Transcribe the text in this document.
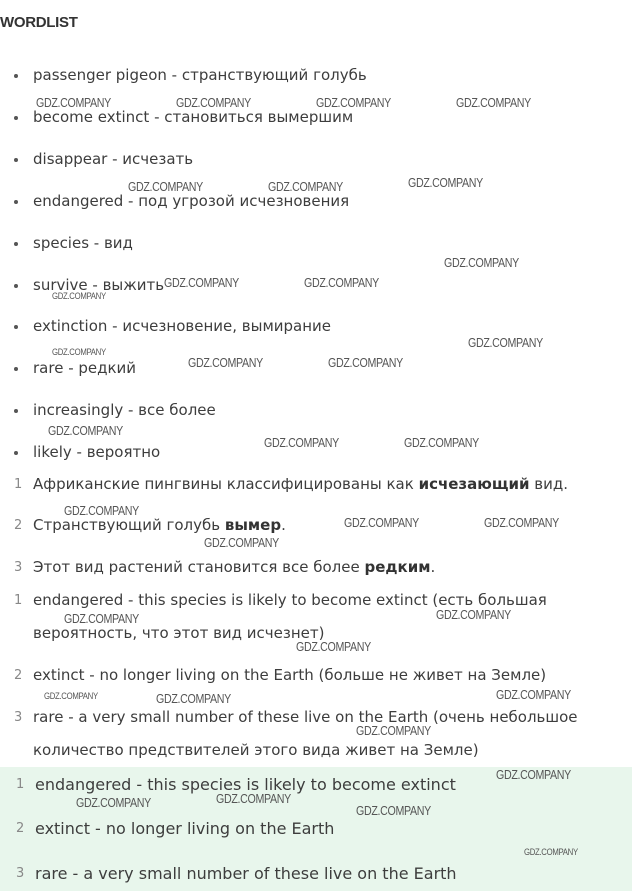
WORDLIST
passenger pigeon - странствующий голубь
become extinct - становиться вымершим
disappear - исчезать
endangered - под угрозой исчезновения
species - вид
survive - выжить
extinction - исчезновение, вымирание
rare - редкий
increasingly - все более
likely - вероятно
1 Африканские пингвины классифицированы как исчезающий вид.
2 Странствующий голубь вымер.
3 Этот вид растений становится все более редким.
1 endangered - this species is likely to become extinct (есть большая
вероятность, что этот вид исчезнет)
2 extinct - no longer living on the Earth (больше не живет на Земле)
3 rare - a very small number of these live on the Earth (очень небольшое
количество предствителей этого вида живет на Земле)
1 endangered - this species is likely to become extinct
2 extinct - no longer living on the Earth
3 rare - a very small number of these live on the Earth
GDZ.COMPANY	GDZ.COMPANY	GDZ.COMPANY	GDZ.COMPANY
GDZ.COMPANY	GDZ.COMPANY	GDZ.COMPANY
GDZ.COMPANY
GDZ.COMPANY	GDZ.COMPANY
GDZ.COMPANY
GDZ.COMPANY
GDZ.COMPANY
GDZ.COMPANY	GDZ.COMPANY
GDZ.COMPANY
GDZ.COMPANY	GDZ.COMPANY
GDZ.COMPANY
GDZ.COMPANY	GDZ.COMPANY
GDZ.COMPANY
GDZ.COMPANY
GDZ.COMPANY
GDZ.COMPANY
GDZ.COMPANY	GDZ.COMPANY	GDZ.COMPANY
GDZ.COMPANY
GDZ.COMPANY
GDZ.COMPANY	GDZ.COMPANY
GDZ.COMPANY
GDZ.COMPANY
